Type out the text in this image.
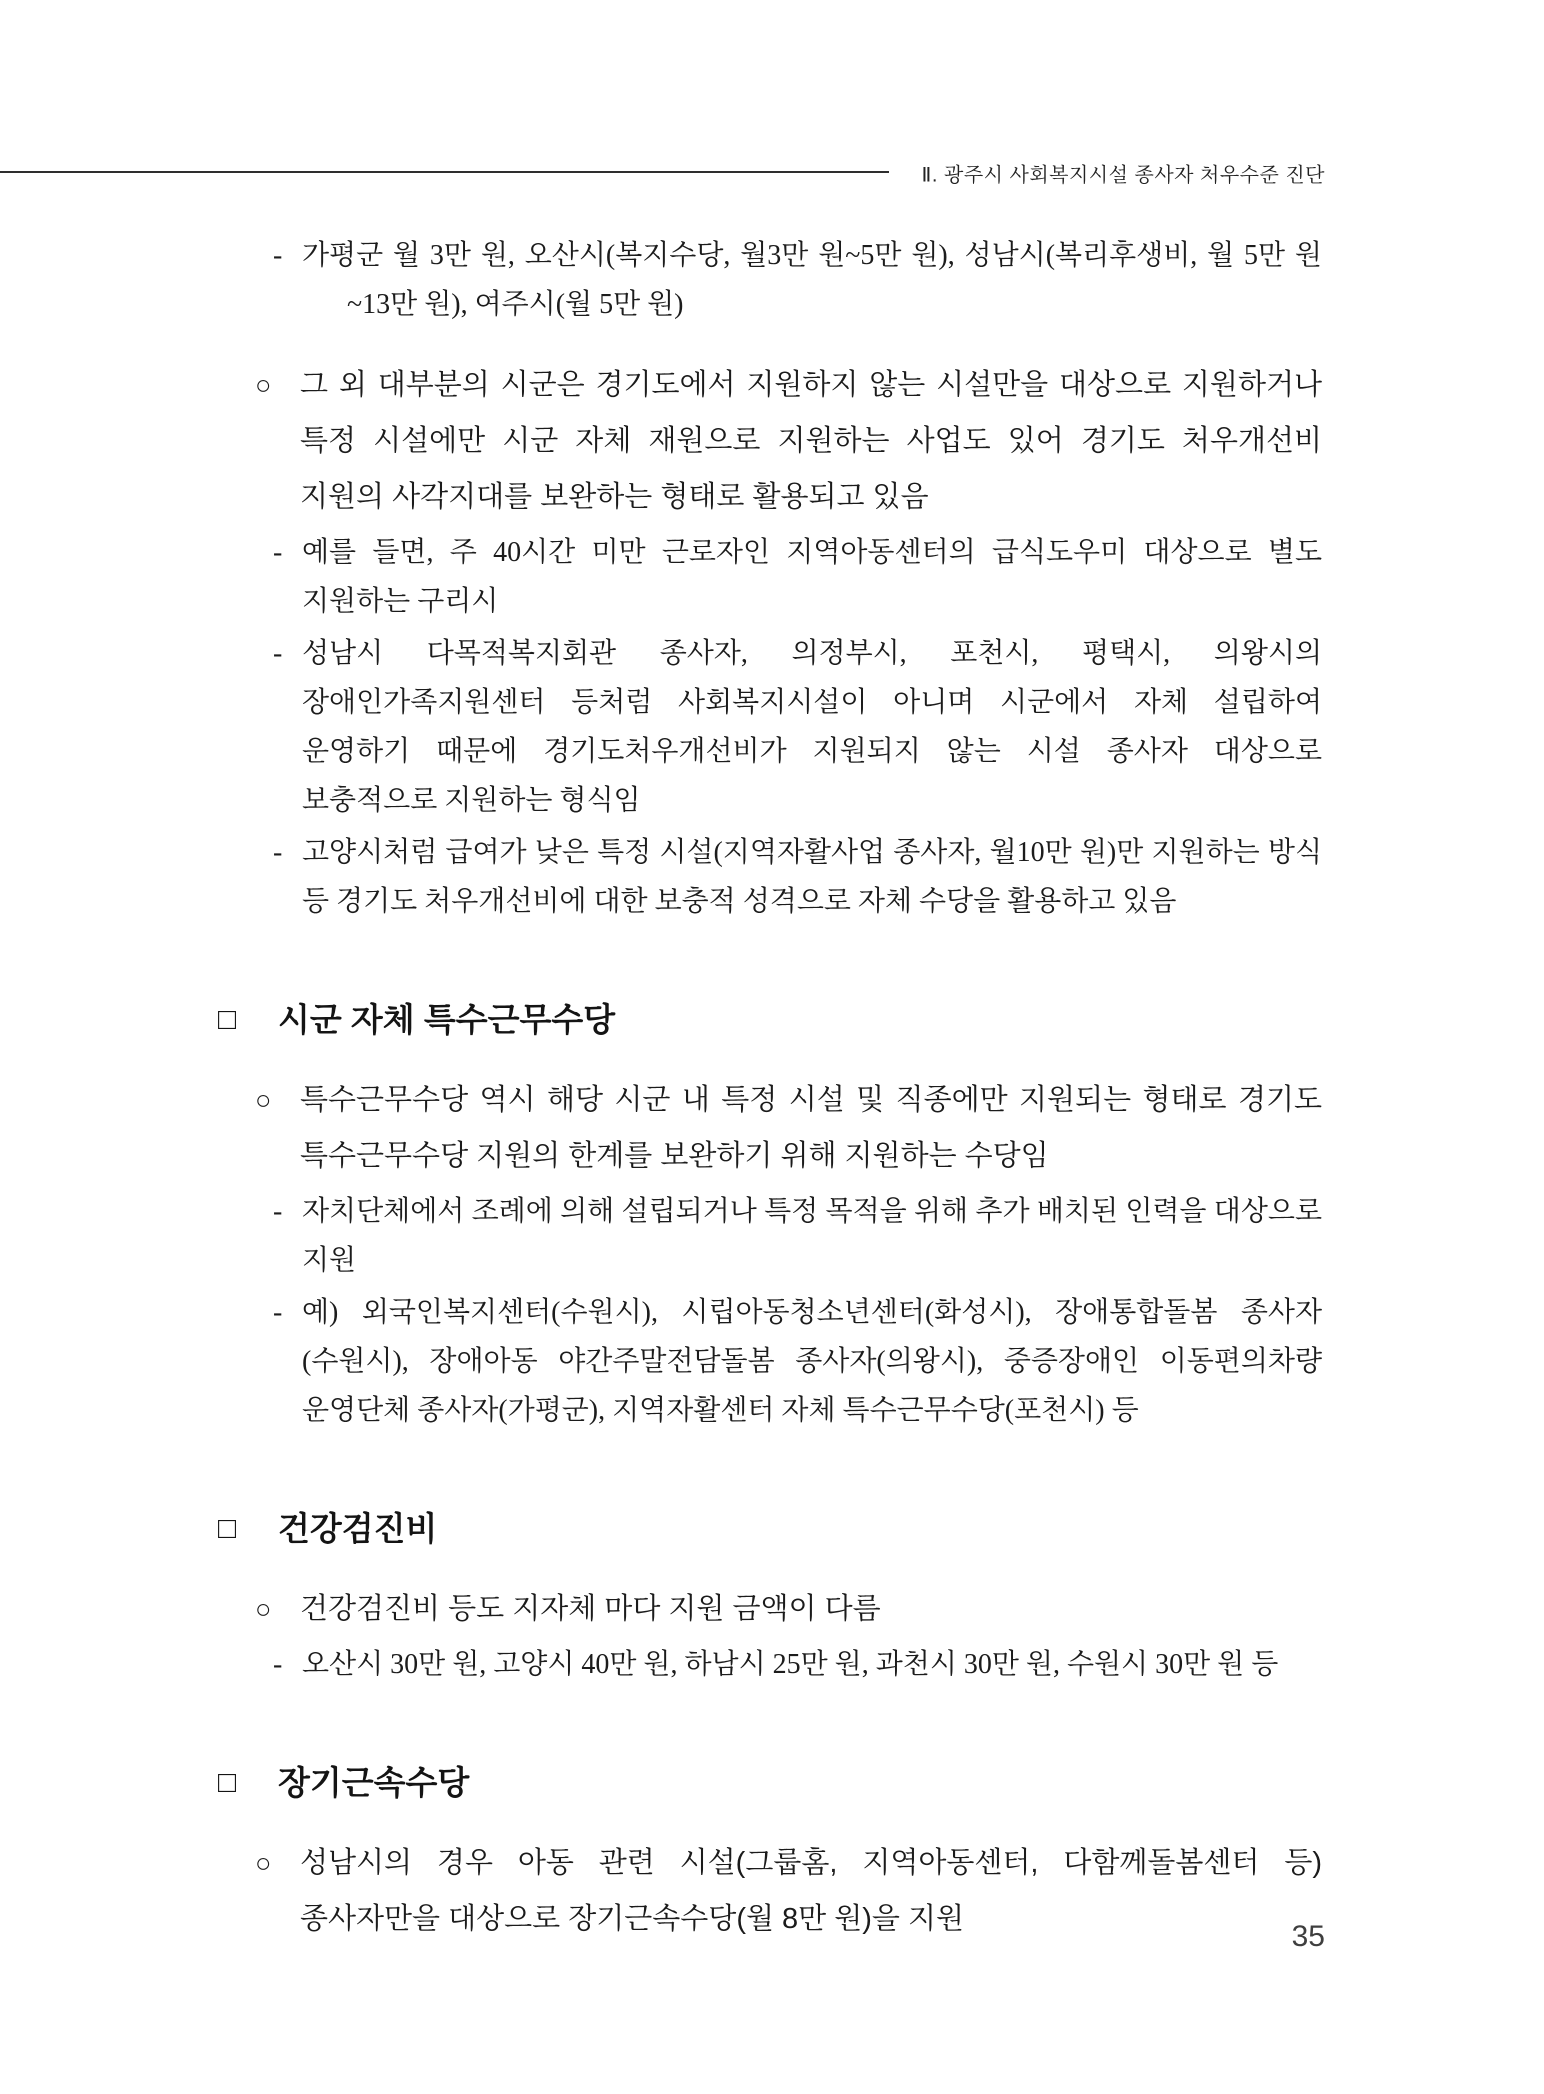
Ⅱ. 광주시 사회복지시설 종사자 처우수준 진단
- 가평군 월 3만 원, 오산시(복지수당, 월3만 원~5만 원), 성남시(복리후생비, 월 5만 원~13만 원), 여주시(월 5만 원)
○ 그 외 대부분의 시군은 경기도에서 지원하지 않는 시설만을 대상으로 지원하거나 특정 시설에만 시군 자체 재원으로 지원하는 사업도 있어 경기도 처우개선비 지원의 사각지대를 보완하는 형태로 활용되고 있음
- 예를 들면, 주 40시간 미만 근로자인 지역아동센터의 급식도우미 대상으로 별도 지원하는 구리시
- 성남시 다목적복지회관 종사자, 의정부시, 포천시, 평택시, 의왕시의 장애인가족지원센터 등처럼 사회복지시설이 아니며 시군에서 자체 설립하여 운영하기 때문에 경기도처우개선비가 지원되지 않는 시설 종사자 대상으로 보충적으로 지원하는 형식임
- 고양시처럼 급여가 낮은 특정 시설(지역자활사업 종사자, 월10만 원)만 지원하는 방식 등 경기도 처우개선비에 대한 보충적 성격으로 자체 수당을 활용하고 있음
□	시군 자체 특수근무수당
○ 특수근무수당 역시 해당 시군 내 특정 시설 및 직종에만 지원되는 형태로 경기도 특수근무수당 지원의 한계를 보완하기 위해 지원하는 수당임
- 자치단체에서 조례에 의해 설립되거나 특정 목적을 위해 추가 배치된 인력을 대상으로 지원
- 예) 외국인복지센터(수원시), 시립아동청소년센터(화성시), 장애통합돌봄 종사자(수원시), 장애아동 야간주말전담돌봄 종사자(의왕시), 중증장애인 이동편의차량 운영단체 종사자(가평군), 지역자활센터 자체 특수근무수당(포천시) 등
□	건강검진비
○ 건강검진비 등도 지자체 마다 지원 금액이 다름
- 오산시 30만 원, 고양시 40만 원, 하남시 25만 원, 과천시 30만 원, 수원시 30만 원 등
□	장기근속수당
○ 성남시의 경우 아동 관련 시설(그룹홈, 지역아동센터, 다함께돌봄센터 등) 종사자만을 대상으로 장기근속수당(월 8만 원)을 지원
35
